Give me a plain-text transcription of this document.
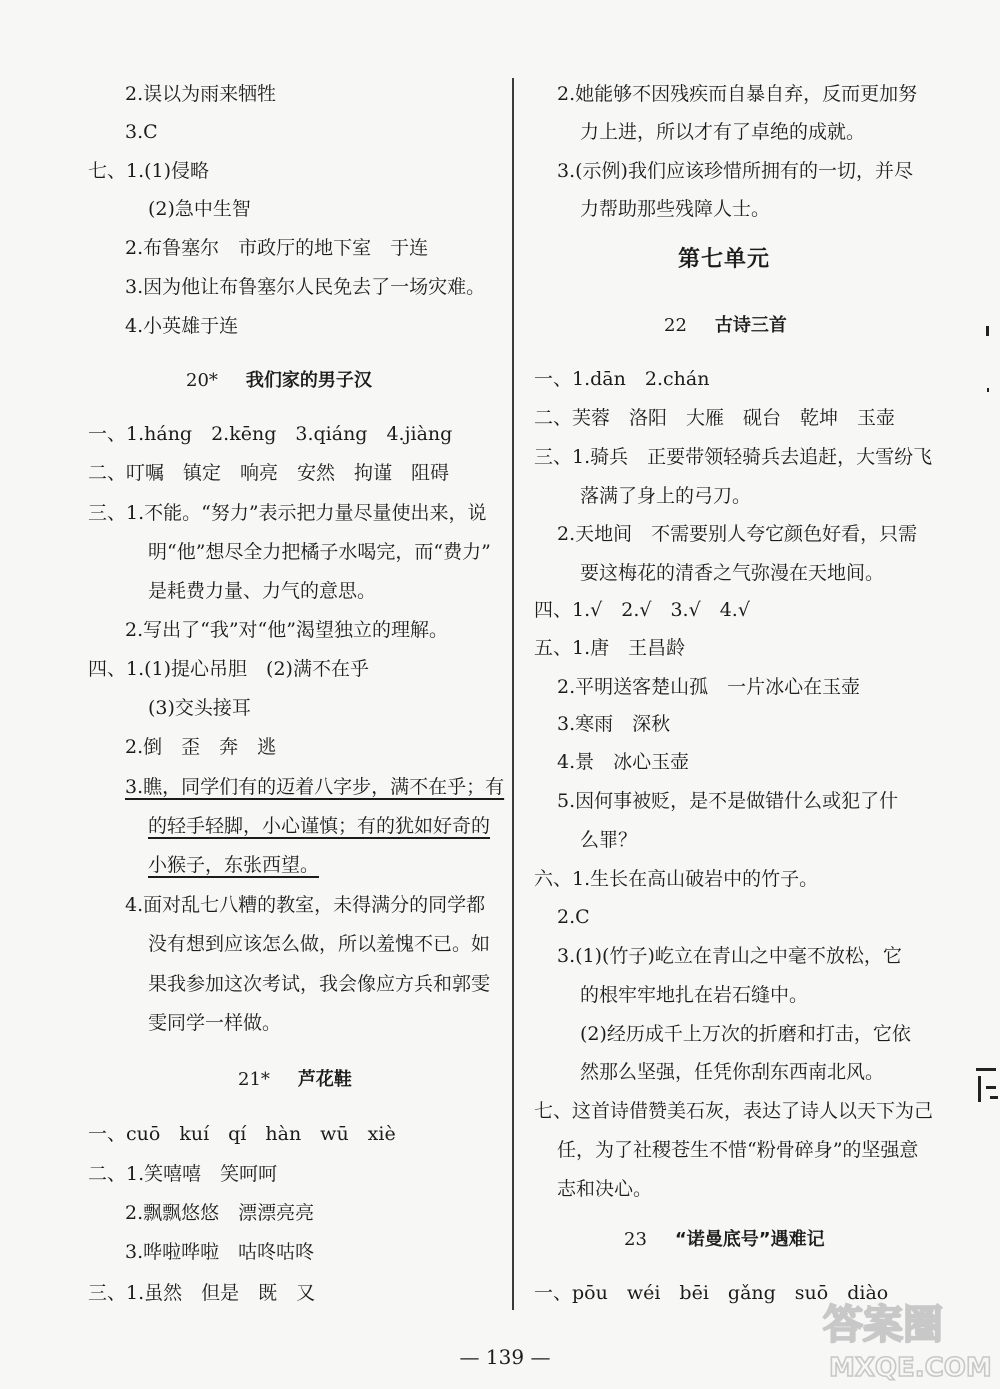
2.误以为雨来牺牲
3.C
七、1.(1)侵略
(2)急中生智
2.布鲁塞尔　市政厅的地下室　于连
3.因为他让布鲁塞尔人民免去了一场灾难。
4.小英雄于连
20* 我们家的男子汉
一、1.háng　2.kēng　3.qiáng　4.jiàng
二、叮嘱　镇定　响亮　安然　拘谨　阻碍
三、1.不能。“努力”表示把力量尽量使出来，说
明“他”想尽全力把橘子水喝完，而“费力”
是耗费力量、力气的意思。
2.写出了“我”对“他”渴望独立的理解。
四、1.(1)提心吊胆　(2)满不在乎
(3)交头接耳
2.倒　歪　奔　逃
3.瞧，同学们有的迈着八字步，满不在乎；有
的轻手轻脚，小心谨慎；有的犹如好奇的
小猴子，东张西望。
4.面对乱七八糟的教室，未得满分的同学都
没有想到应该怎么做，所以羞愧不已。如
果我参加这次考试，我会像应方兵和郭雯
雯同学一样做。
21* 芦花鞋
一、cuō　kuí　qí　hàn　wū　xiè
二、1.笑嘻嘻　笑呵呵
2.飘飘悠悠　漂漂亮亮
3.哗啦哗啦　咕咚咕咚
三、1.虽然　但是　既　又
2.她能够不因残疾而自暴自弃，反而更加努
力上进，所以才有了卓绝的成就。
3.(示例)我们应该珍惜所拥有的一切，并尽
力帮助那些残障人士。
第七单元
22 古诗三首
一、1.dān　2.chán
二、芙蓉　洛阳　大雁　砚台　乾坤　玉壶
三、1.骑兵　正要带领轻骑兵去追赶，大雪纷飞
落满了身上的弓刀。
2.天地间　不需要别人夸它颜色好看，只需
要这梅花的清香之气弥漫在天地间。
四、1.√　2.√　3.√　4.√
五、1.唐　王昌龄
2.平明送客楚山孤　一片冰心在玉壶
3.寒雨　深秋
4.景　冰心玉壶
5.因何事被贬，是不是做错什么或犯了什
么罪？
六、1.生长在高山破岩中的竹子。
2.C
3.(1)(竹子)屹立在青山之中毫不放松，它
的根牢牢地扎在岩石缝中。
(2)经历成千上万次的折磨和打击，它依
然那么坚强，任凭你刮东西南北风。
七、这首诗借赞美石灰，表达了诗人以天下为己
任，为了社稷苍生不惜“粉骨碎身”的坚强意
志和决心。
23 “诺曼底号”遇难记
一、pōu　wéi　bēi　gǎng　suō　diào
— 139 —
答案圈
MXQE.COM
